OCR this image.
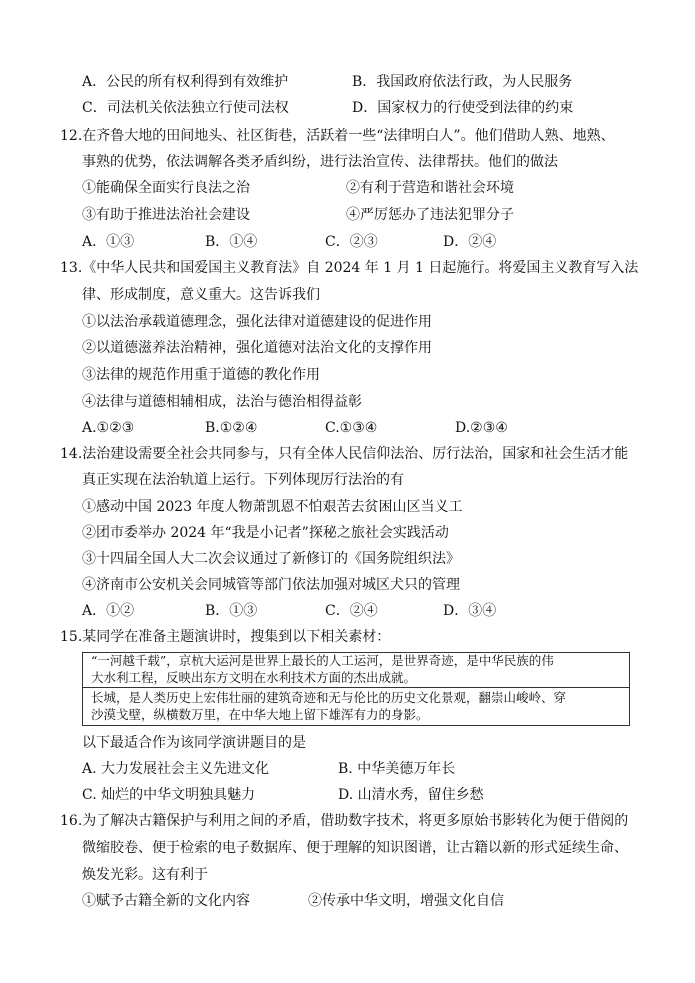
A．公民的所有权利得到有效维护	B．我国政府依法行政，为人民服务
C．司法机关依法独立行使司法权	D．国家权力的行使受到法律的约束
12.在齐鲁大地的田间地头、社区街巷，活跃着一些“法律明白人”。他们借助人熟、地熟、
事熟的优势，依法调解各类矛盾纠纷，进行法治宣传、法律帮扶。他们的做法
①能确保全面实行良法之治	②有利于营造和谐社会环境
③有助于推进法治社会建设	④严厉惩办了违法犯罪分子
A．①③	B．①④	C．②③	D．②④
13.《中华人民共和国爱国主义教育法》自 2024 年 1 月 1 日起施行。将爱国主义教育写入法
律、形成制度，意义重大。这告诉我们
①以法治承载道德理念，强化法律对道德建设的促进作用
②以道德滋养法治精神，强化道德对法治文化的支撑作用
③法律的规范作用重于道德的教化作用
④法律与道德相辅相成，法治与德治相得益彰
A.①②③	B.①②④	C.①③④	D.②③④
14.法治建设需要全社会共同参与，只有全体人民信仰法治、厉行法治，国家和社会生活才能
真正实现在法治轨道上运行。下列体现厉行法治的有
①感动中国 2023 年度人物萧凯恩不怕艰苦去贫困山区当义工
②团市委举办 2024 年“我是小记者”探秘之旅社会实践活动
③十四届全国人大二次会议通过了新修订的《国务院组织法》
④济南市公安机关会同城管等部门依法加强对城区犬只的管理
A．①②	B．①③	C．②④	D．③④
15.某同学在准备主题演讲时，搜集到以下相关素材：
“一河越千载”，京杭大运河是世界上最长的人工运河，是世界奇迹，是中华民族的伟
大水利工程，反映出东方文明在水利技术方面的杰出成就。
长城，是人类历史上宏伟壮丽的建筑奇迹和无与伦比的历史文化景观，翻崇山峻岭、穿
沙漠戈壁，纵横数万里，在中华大地上留下雄浑有力的身影。
以下最适合作为该同学演讲题目的是
A. 大力发展社会主义先进文化	B. 中华美德万年长
C. 灿烂的中华文明独具魅力	D. 山清水秀，留住乡愁
16.为了解决古籍保护与利用之间的矛盾，借助数字技术，将更多原始书影转化为便于借阅的
微缩胶卷、便于检索的电子数据库、便于理解的知识图谱，让古籍以新的形式延续生命、
焕发光彩。这有利于
①赋予古籍全新的文化内容	②传承中华文明，增强文化自信
